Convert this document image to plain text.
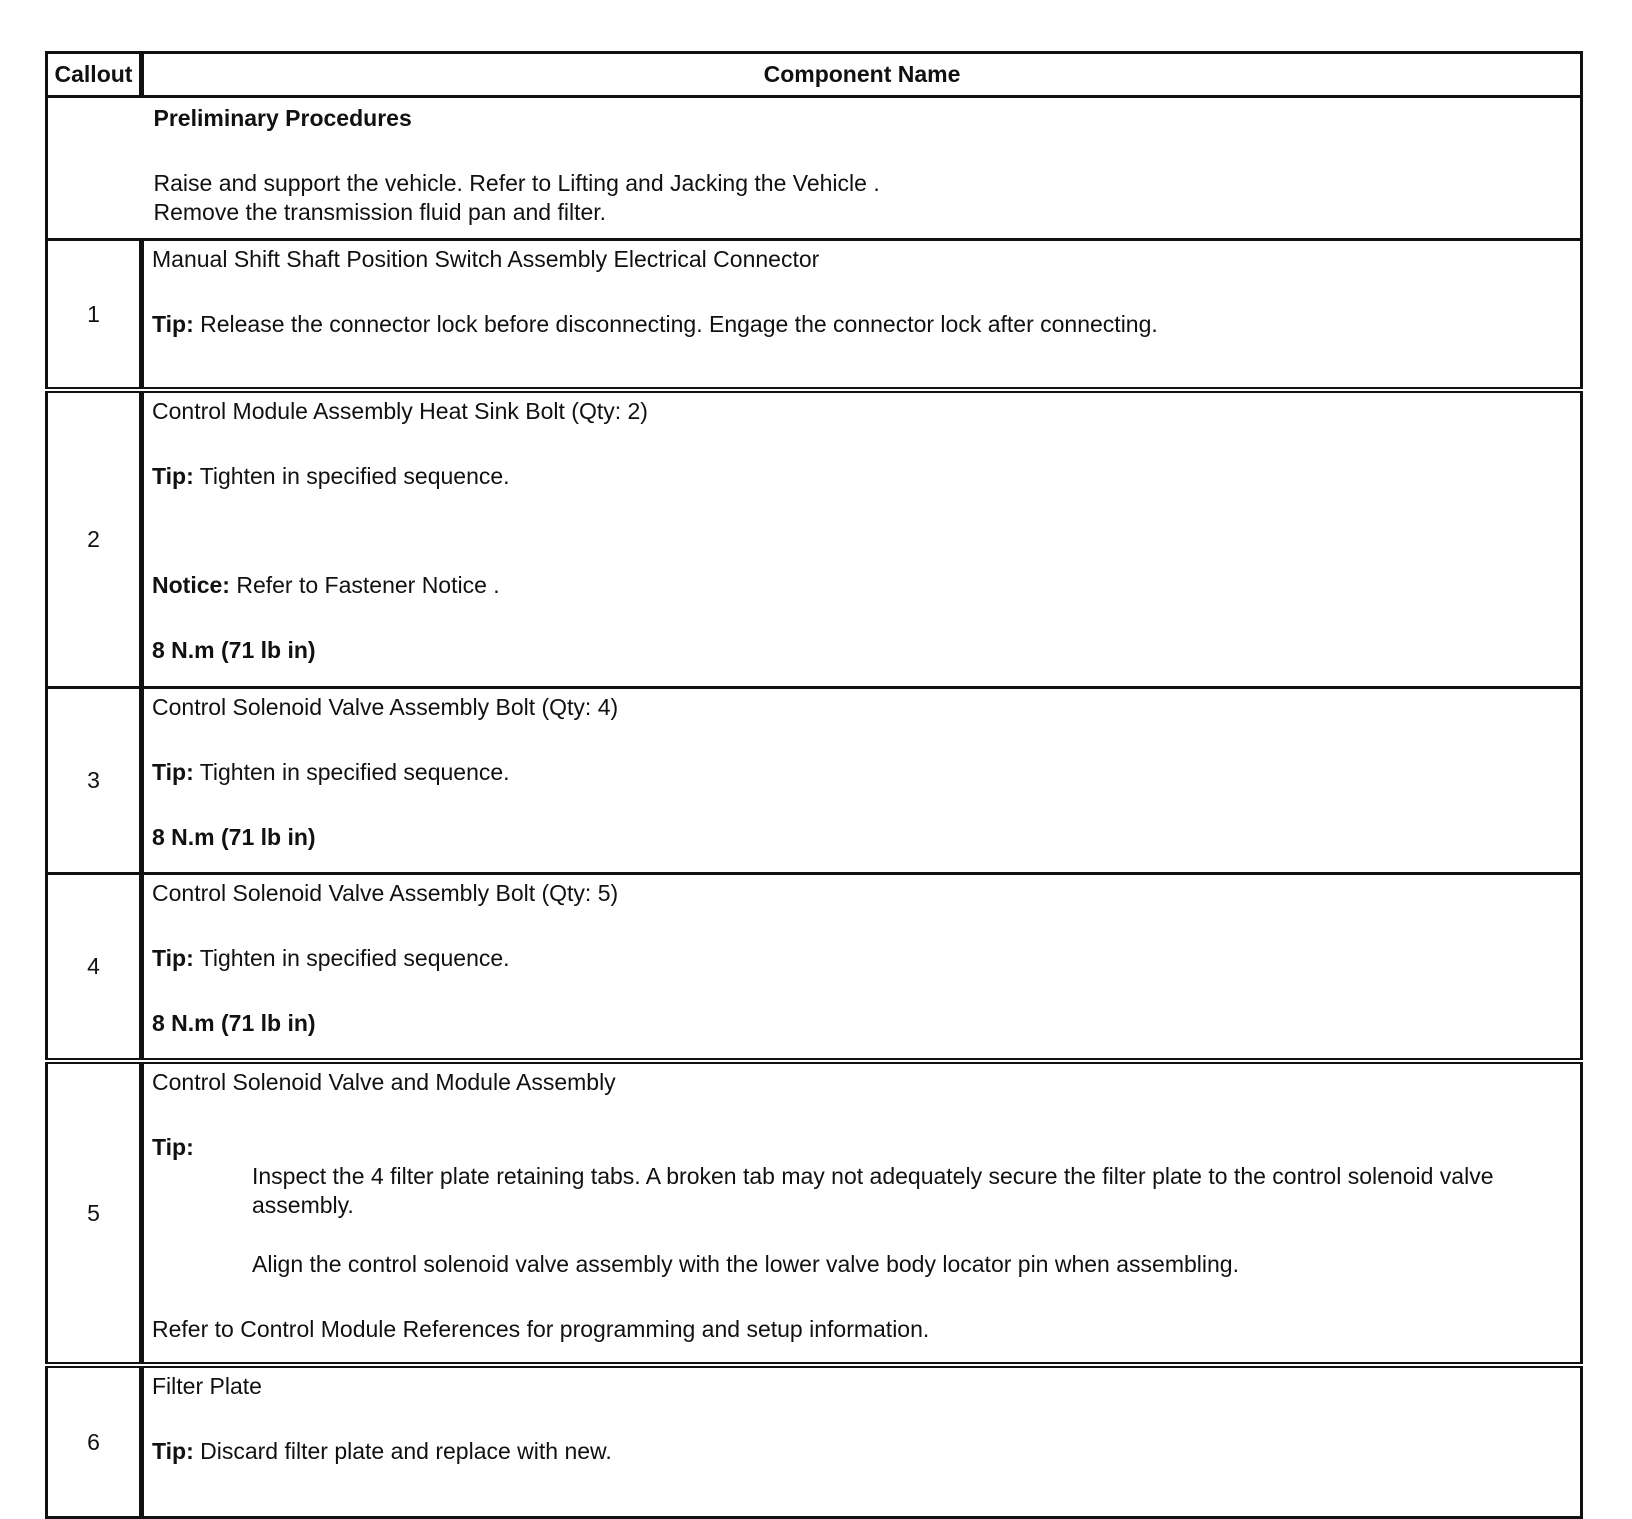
Callout	Component Name

	Preliminary Procedures
Raise and support the vehicle. Refer to Lifting and Jacking the Vehicle .
Remove the transmission fluid pan and filter.

1	Manual Shift Shaft Position Switch Assembly Electrical Connector
Tip: Release the connector lock before disconnecting. Engage the connector lock after connecting.

2	Control Module Assembly Heat Sink Bolt (Qty: 2)
Tip: Tighten in specified sequence.
Notice: Refer to Fastener Notice .
8 N.m (71 lb in)

3	Control Solenoid Valve Assembly Bolt (Qty: 4)
Tip: Tighten in specified sequence.
8 N.m (71 lb in)

4	Control Solenoid Valve Assembly Bolt (Qty: 5)
Tip: Tighten in specified sequence.
8 N.m (71 lb in)

5	Control Solenoid Valve and Module Assembly
Tip:
Inspect the 4 filter plate retaining tabs. A broken tab may not adequately secure the filter plate to the control solenoid valve assembly.
Align the control solenoid valve assembly with the lower valve body locator pin when assembling.
Refer to Control Module References for programming and setup information.

6	Filter Plate
Tip: Discard filter plate and replace with new.
